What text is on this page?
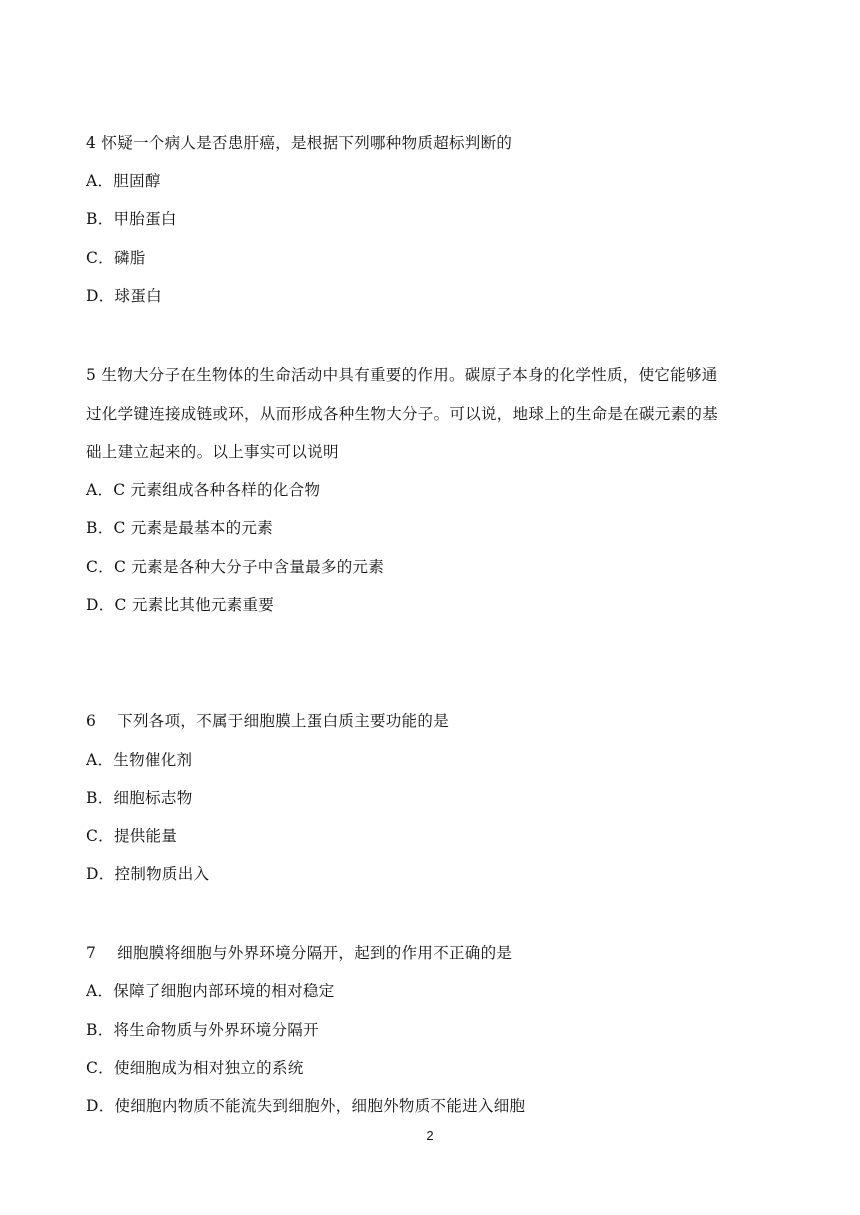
4 怀疑一个病人是否患肝癌，是根据下列哪种物质超标判断的
A．胆固醇
B．甲胎蛋白
C．磷脂
D．球蛋白
5 生物大分子在生物体的生命活动中具有重要的作用。碳原子本身的化学性质，使它能够通
过化学键连接成链或环，从而形成各种生物大分子。可以说，地球上的生命是在碳元素的基
础上建立起来的。以上事实可以说明
A．C 元素组成各种各样的化合物
B．C 元素是最基本的元素
C．C 元素是各种大分子中含量最多的元素
D．C 元素比其他元素重要
6　 下列各项，不属于细胞膜上蛋白质主要功能的是
A．生物催化剂
B．细胞标志物
C．提供能量
D．控制物质出入
7　 细胞膜将细胞与外界环境分隔开，起到的作用不正确的是
A．保障了细胞内部环境的相对稳定
B．将生命物质与外界环境分隔开
C．使细胞成为相对独立的系统
D．使细胞内物质不能流失到细胞外，细胞外物质不能进入细胞
2
